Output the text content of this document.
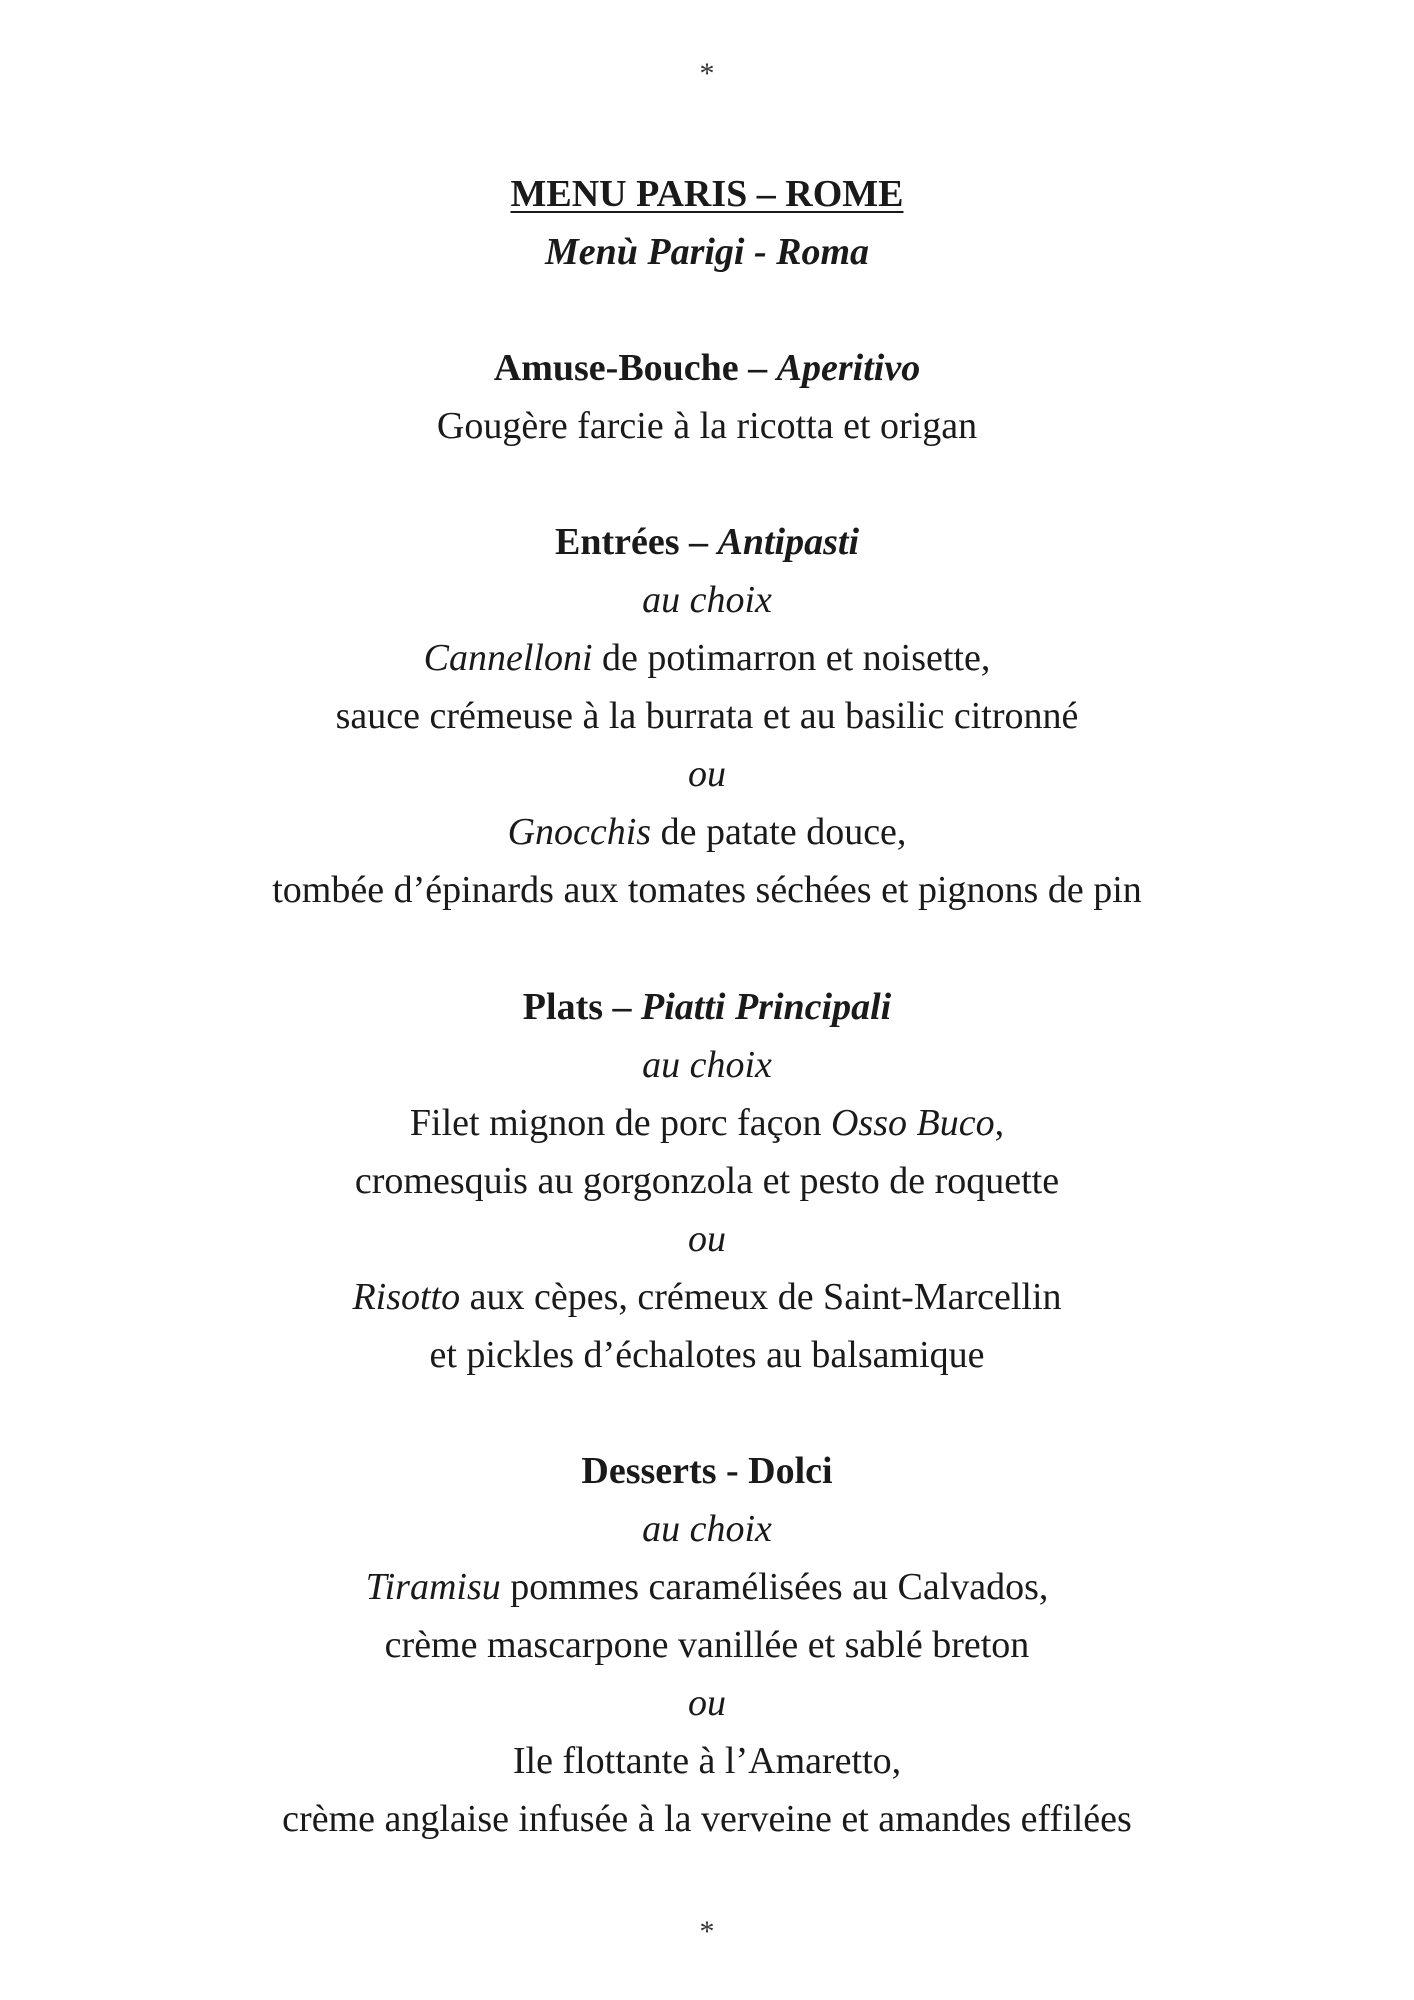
*
MENU PARIS – ROME
Menù Parigi - Roma
Amuse-Bouche – Aperitivo
Gougère farcie à la ricotta et origan
Entrées – Antipasti
au choix
Cannelloni de potimarron et noisette,
sauce crémeuse à la burrata et au basilic citronné
ou
Gnocchis de patate douce,
tombée d’épinards aux tomates séchées et pignons de pin
Plats – Piatti Principali
au choix
Filet mignon de porc façon Osso Buco,
cromesquis au gorgonzola et pesto de roquette
ou
Risotto aux cèpes, crémeux de Saint-Marcellin
et pickles d’échalotes au balsamique
Desserts - Dolci
au choix
Tiramisu pommes caramélisées au Calvados,
crème mascarpone vanillée et sablé breton
ou
Ile flottante à l’Amaretto,
crème anglaise infusée à la verveine et amandes effilées
*
